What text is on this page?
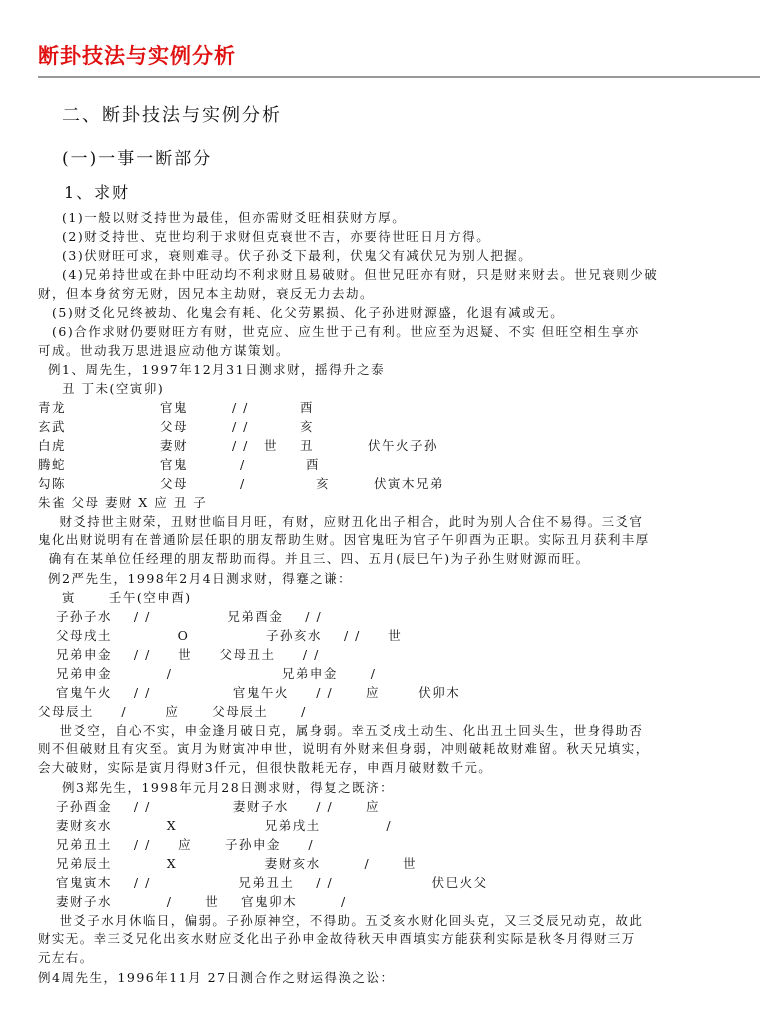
断卦技法与实例分析
二、断卦技法与实例分析
(一)一事一断部分
1、求财
(1)一般以财爻持世为最佳，但亦需财爻旺相获财方厚。
(2)财爻持世、克世均利于求财但克衰世不吉，亦要待世旺日月方得。
(3)伏财旺可求，衰则难寻。伏子孙爻下最利，伏鬼父有减伏兄为别人把握。
(4)兄弟持世或在卦中旺动均不利求财且易破财。但世兄旺亦有财，只是财来财去。世兄衰则少破
财，但本身贫穷无财，因兄本主劫财，衰反无力去劫。
(5)财爻化兄终被劫、化鬼会有耗、化父劳累损、化子孙进财源盛，化退有减或无。
(6)合作求财仍要财旺方有财，世克应、应生世于己有利。世应至为迟疑、不实 但旺空相生享亦
可成。世动我万思进退应动他方谋策划。
例1、周先生，1997年12月31日测求财，摇得升之泰
丑 丁未(空寅卯)
青龙	官鬼	/ /	酉
玄武	父母	/ /	亥
白虎	妻财	/ / 世 丑	伏午火子孙
腾蛇	官鬼	/	酉
勾陈	父母	/	亥	伏寅木兄弟
朱雀 父母 妻财 X 应 丑 子
财爻持世主财荣，丑财世临目月旺，有财，应财丑化出子相合，此时为别人合住不易得。三爻官
鬼化出财说明有在普通阶层任职的朋友帮助生财。因官鬼旺为官子午卯酉为正职。实际丑月获利丰厚
确有在某单位任经理的朋友帮助而得。并且三、四、五月(辰巳午)为子孙生财财源而旺。
例2严先生，1998年2月4日测求财，得蹇之谦：
寅      壬午(空申酉)
子孙子水    / /              兄弟酉金    / /
父母戌土            O              子孙亥水    / /     世
兄弟申金    / /     世     父母丑土     / /
兄弟申金          /                    兄弟申金      /
官鬼午火    / /               官鬼午火     / /      应       伏卯木
父母辰土     /       应      父母辰土      /
世爻空，自心不实，申金逢月破日克，属身弱。幸五爻戌土动生、化出丑土回头生，世身得助否
则不但破财且有灾至。寅月为财寅冲申世，说明有外财来但身弱，冲则破耗故财难留。秋天兄填实，
会大破财，实际是寅月得财3仟元，但很快散耗无存，申酉月破财数千元。
例3郑先生，1998年元月28日测求财，得复之既济：
子孙酉金    / /               妻财子水     / /      应
妻财亥水          X                兄弟戌土            /
兄弟丑土    / /     应      子孙申金     /
兄弟辰土          X                妻财亥水        /      世
官鬼寅木    / /                兄弟丑土    / /                  伏巳火父
妻财子水          /      世    官鬼卯木        /
世爻子水月休临日，偏弱。子孙原神空，不得助。五爻亥水财化回头克，又三爻辰兄动克，故此
财实无。幸三爻兄化出亥水财应爻化出子孙申金故待秋天申酉填实方能获利实际是秋冬月得财三万
元左右。
例4周先生，1996年11月 27日测合作之财运得涣之讼：
